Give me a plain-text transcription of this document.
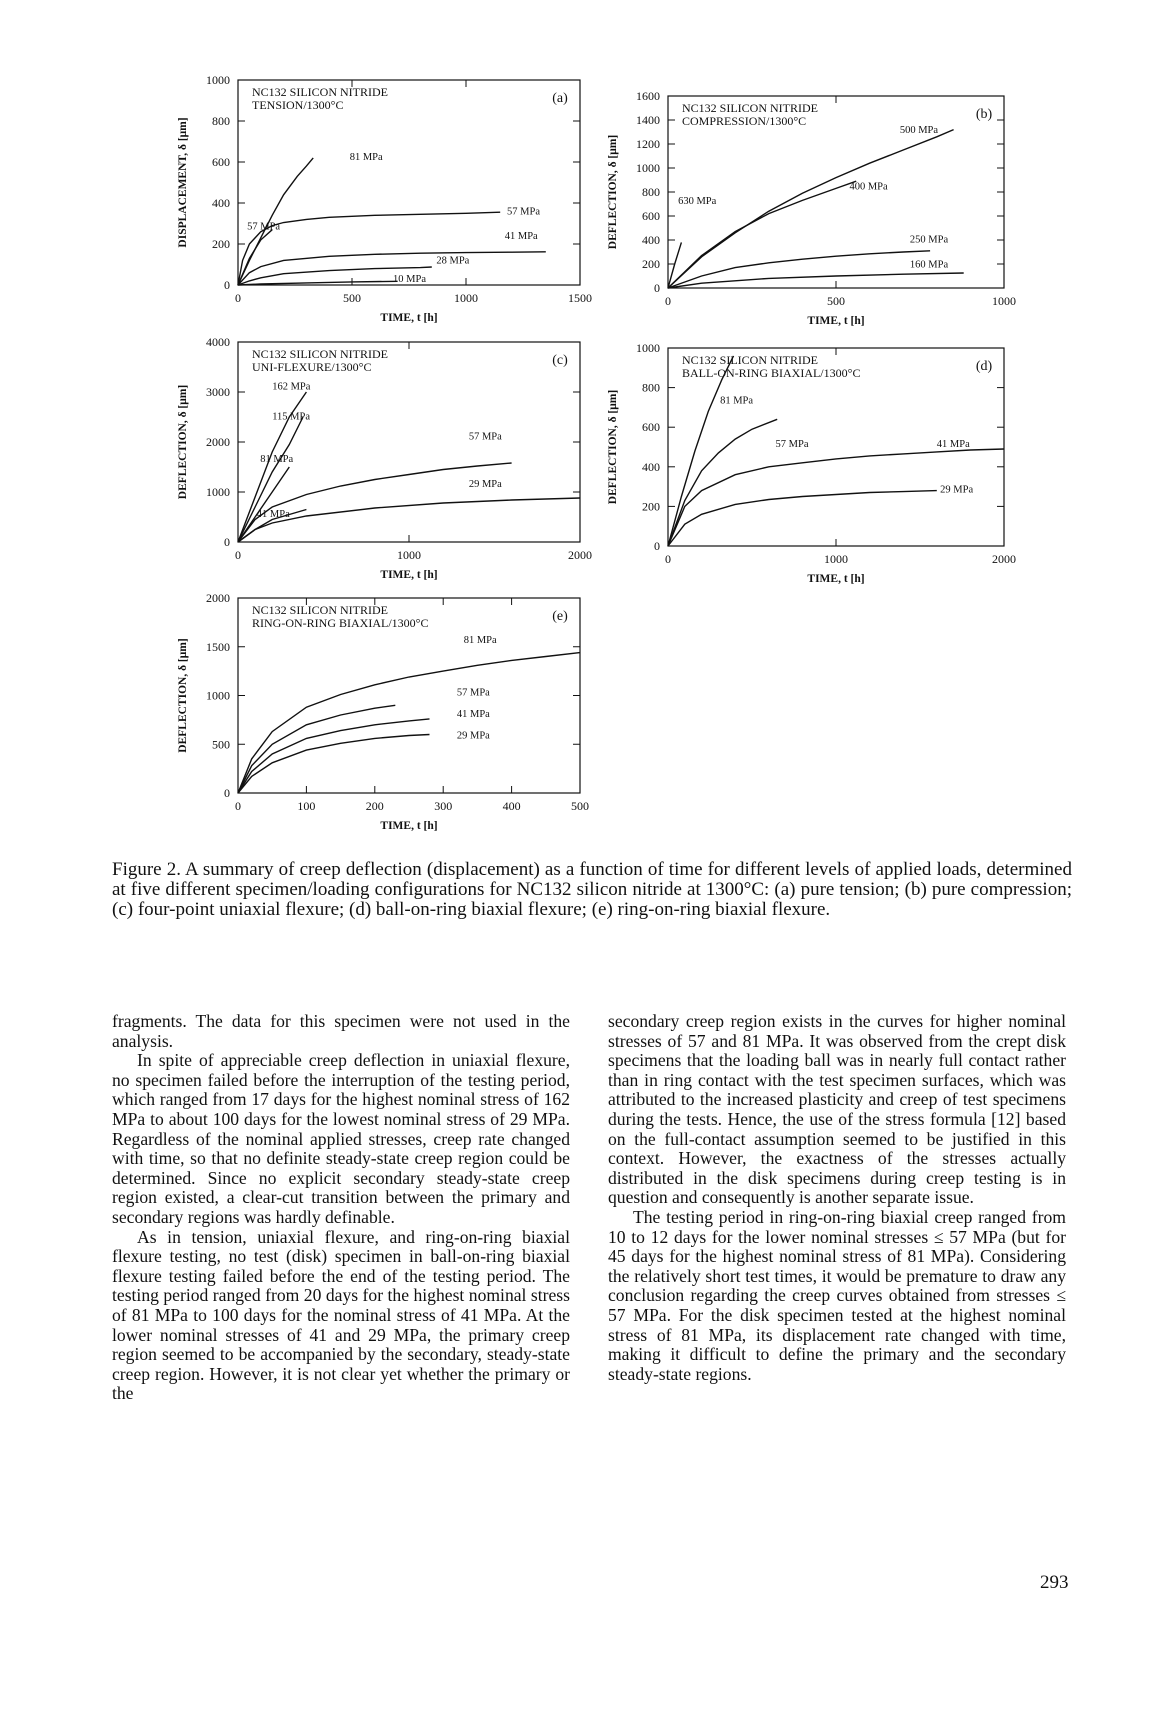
0	500	1000	1500
0
200
400
600
800
1000
TIME, t [h]
DISPLACEMENT, δ [μm]
NC132 SILICON NITRIDE
TENSION/1300°C	(a)
81 MPa
57 MPa
57 MPa
41 MPa
28 MPa
10 MPa
0	500	1000
0
200
400
600
800
1000
1200
1400
1600
TIME, t [h]
DEFLECTION, δ [μm]
NC132 SILICON NITRIDE
COMPRESSION/1300°C	(b)
500 MPa
400 MPa
630 MPa
250 MPa
160 MPa
0	1000	2000
0
1000
2000
3000
4000
TIME, t [h]
DEFLECTION, δ [μm]
NC132 SILICON NITRIDE
UNI-FLEXURE/1300°C	(c)
162 MPa
115 MPa
81 MPa
57 MPa
29 MPa
41 MPa
0	1000	2000
0
200
400
600
800
1000
TIME, t [h]
DEFLECTION, δ [μm]
NC132 SILICON NITRIDE
BALL-ON-RING BIAXIAL/1300°C	(d)
81 MPa
57 MPa	41 MPa
29 MPa
0	100	200	300	400	500
0
500
1000
1500
2000
TIME, t [h]
DEFLECTION, δ [μm]
NC132 SILICON NITRIDE
RING-ON-RING BIAXIAL/1300°C	(e)
81 MPa
57 MPa
41 MPa
29 MPa
Figure 2. A summary of creep deflection (displacement) as a function of time for different levels of applied loads, determined at five different specimen/loading configurations for NC132 silicon nitride at 1300°C: (a) pure tension; (b) pure compression; (c) four-point uniaxial flexure; (d) ball-on-ring biaxial flexure; (e) ring-on-ring biaxial flexure.

fragments. The data for this specimen were not used in the analysis.

In spite of appreciable creep deflection in uniaxial flexure, no specimen failed before the interruption of the testing period, which ranged from 17 days for the highest nominal stress of 162 MPa to about 100 days for the lowest nominal stress of 29 MPa. Regardless of the nominal applied stresses, creep rate changed with time, so that no definite steady-state creep region could be determined. Since no explicit secondary steady-state creep region existed, a clear-cut transition between the primary and secondary regions was hardly definable.

As in tension, uniaxial flexure, and ring-on-ring biaxial flexure testing, no test (disk) specimen in ball-on-ring biaxial flexure testing failed before the end of the testing period. The testing period ranged from 20 days for the highest nominal stress of 81 MPa to 100 days for the nominal stress of 41 MPa. At the lower nominal stresses of 41 and 29 MPa, the primary creep region seemed to be accompanied by the secondary, steady-state creep region. However, it is not clear yet whether the primary or the

secondary creep region exists in the curves for higher nominal stresses of 57 and 81 MPa. It was observed from the crept disk specimens that the loading ball was in nearly full contact rather than in ring contact with the test specimen surfaces, which was attributed to the increased plasticity and creep of test specimens during the tests. Hence, the use of the stress formula [12] based on the full-contact assumption seemed to be justified in this context. However, the exactness of the stresses actually distributed in the disk specimens during creep testing is in question and consequently is another separate issue.

The testing period in ring-on-ring biaxial creep ranged from 10 to 12 days for the lower nominal stresses ≤ 57 MPa (but for 45 days for the highest nominal stress of 81 MPa). Considering the relatively short test times, it would be premature to draw any conclusion regarding the creep curves obtained from stresses ≤ 57 MPa. For the disk specimen tested at the highest nominal stress of 81 MPa, its displacement rate changed with time, making it difficult to define the primary and the secondary steady-state regions.

293
